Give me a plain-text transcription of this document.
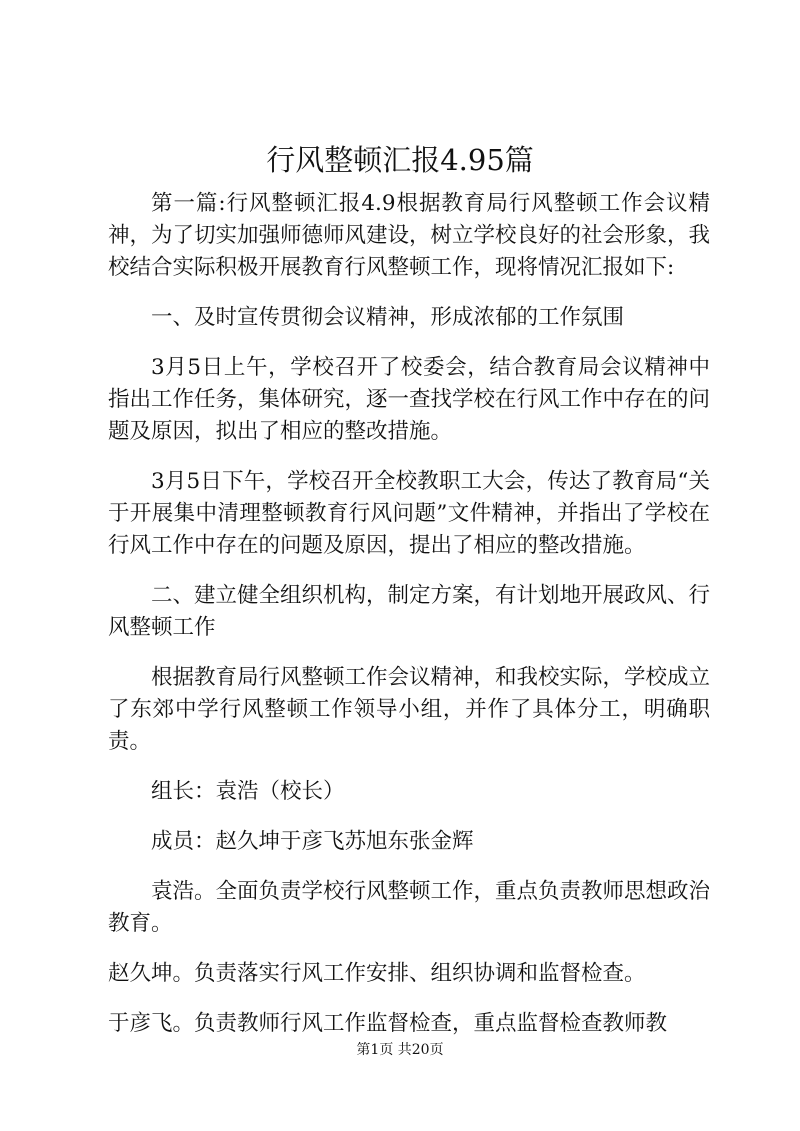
行风整顿汇报4.95篇

第一篇:行风整顿汇报4.9根据教育局行风整顿工作会议精神，为了切实加强师德师风建设，树立学校良好的社会形象，我校结合实际积极开展教育行风整顿工作，现将情况汇报如下:

一、及时宣传贯彻会议精神，形成浓郁的工作氛围

3月5日上午，学校召开了校委会，结合教育局会议精神中指出工作任务，集体研究，逐一查找学校在行风工作中存在的问题及原因，拟出了相应的整改措施。

3月5日下午，学校召开全校教职工大会，传达了教育局“关于开展集中清理整顿教育行风问题”文件精神，并指出了学校在行风工作中存在的问题及原因，提出了相应的整改措施。

二、建立健全组织机构，制定方案，有计划地开展政风、行风整顿工作

根据教育局行风整顿工作会议精神，和我校实际，学校成立了东郊中学行风整顿工作领导小组，并作了具体分工，明确职责。

组长：袁浩（校长）

成员：赵久坤于彦飞苏旭东张金辉

袁浩。全面负责学校行风整顿工作，重点负责教师思想政治教育。

赵久坤。负责落实行风工作安排、组织协调和监督检查。

于彦飞。负责教师行风工作监督检查，重点监督检查教师教

第1页 共20页
